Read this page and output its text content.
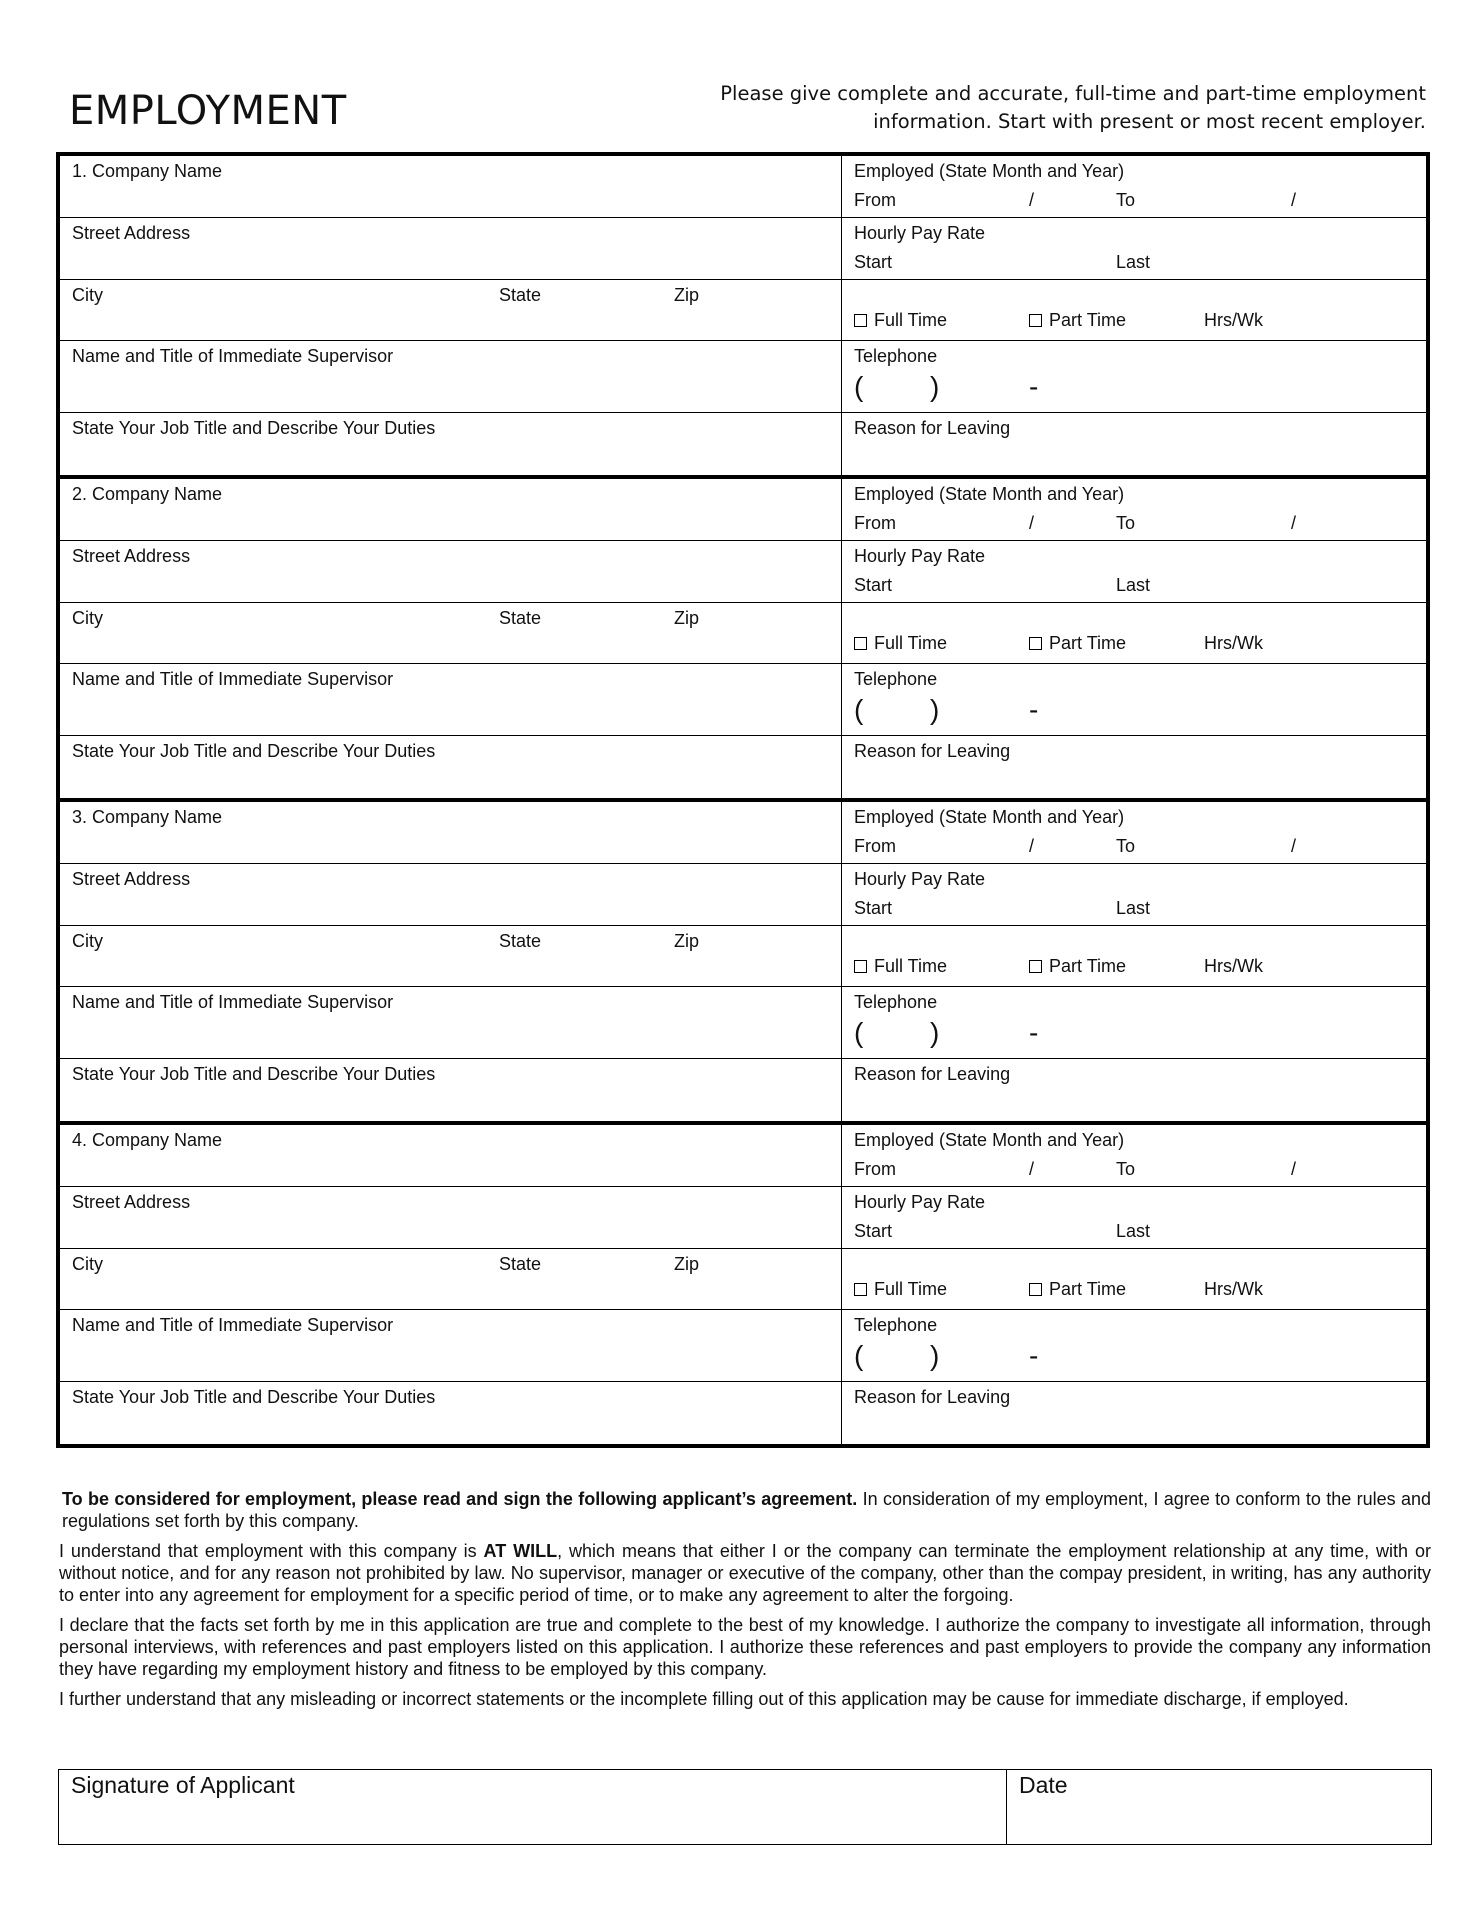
EMPLOYMENT	Please give complete and accurate, full-time and part-time employment information. Start with present or most recent employer.
1. Company Name	Employed (State Month and Year)
From	/	To	/
Street Address	Hourly Pay Rate
Start	Last
City	State	Zip
Full Time	Part Time	Hrs/Wk
Name and Title of Immediate Supervisor	Telephone
( )	-
State Your Job Title and Describe Your Duties	Reason for Leaving
2. Company Name	Employed (State Month and Year)
From	/	To	/
Street Address	Hourly Pay Rate
Start	Last
City	State	Zip
Full Time	Part Time	Hrs/Wk
Name and Title of Immediate Supervisor	Telephone
( )	-
State Your Job Title and Describe Your Duties	Reason for Leaving
3. Company Name	Employed (State Month and Year)
From	/	To	/
Street Address	Hourly Pay Rate
Start	Last
City	State	Zip
Full Time	Part Time	Hrs/Wk
Name and Title of Immediate Supervisor	Telephone
( )	-
State Your Job Title and Describe Your Duties	Reason for Leaving
4. Company Name	Employed (State Month and Year)
From	/	To	/
Street Address	Hourly Pay Rate
Start	Last
City	State	Zip
Full Time	Part Time	Hrs/Wk
Name and Title of Immediate Supervisor	Telephone
( )	-
State Your Job Title and Describe Your Duties	Reason for Leaving

To be considered for employment, please read and sign the following applicant’s agreement. In consideration of my employment, I agree to conform to the rules and regulations set forth by this company.

I understand that employment with this company is AT WILL, which means that either I or the company can terminate the employment relationship at any time, with or without notice, and for any reason not prohibited by law. No supervisor, manager or executive of the company, other than the compay president, in writing, has any authority to enter into any agreement for employment for a specific period of time, or to make any agreement to alter the forgoing.

I declare that the facts set forth by me in this application are true and complete to the best of my knowledge. I authorize the company to investigate all information, through personal interviews, with references and past employers listed on this application. I authorize these references and past employers to provide the company any information they have regarding my employment history and fitness to be employed by this company.

I further understand that any misleading or incorrect statements or the incomplete filling out of this application may be cause for immediate discharge, if employed.

Signature of Applicant	Date
